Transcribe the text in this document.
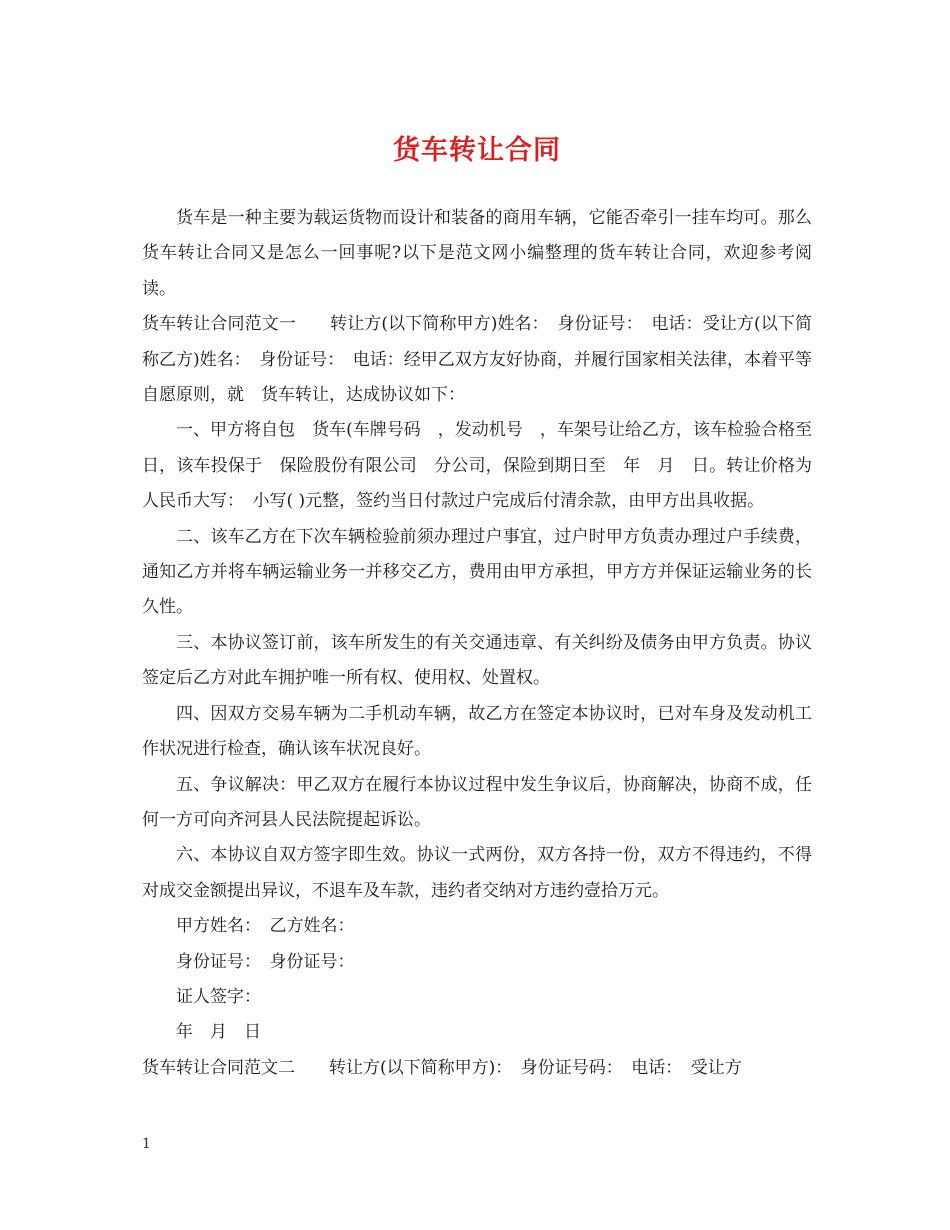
货车转让合同

货车是一种主要为载运货物而设计和装备的商用车辆，它能否牵引一挂车均可。那么货车转让合同又是怎么一回事呢?以下是范文网小编整理的货车转让合同，欢迎参考阅读。

货车转让合同范文一　　转让方(以下简称甲方)姓名：　身份证号：　电话：受让方(以下简称乙方)姓名：　身份证号：　电话：经甲乙双方友好协商，并履行国家相关法律，本着平等自愿原则，就　货车转让，达成协议如下：

一、甲方将自包　货车(车牌号码　，发动机号　，车架号让给乙方，该车检验合格至日，该车投保于　保险股份有限公司　分公司，保险到期日至　年　月　日。转让价格为人民币大写：　小写( )元整，签约当日付款过户完成后付清余款，由甲方出具收据。

二、该车乙方在下次车辆检验前须办理过户事宜，过户时甲方负责办理过户手续费，通知乙方并将车辆运输业务一并移交乙方，费用由甲方承担，甲方方并保证运输业务的长久性。

三、本协议签订前，该车所发生的有关交通违章、有关纠纷及债务由甲方负责。协议签定后乙方对此车拥护唯一所有权、使用权、处置权。

四、因双方交易车辆为二手机动车辆，故乙方在签定本协议时，已对车身及发动机工作状况进行检查，确认该车状况良好。

五、争议解决：甲乙双方在履行本协议过程中发生争议后，协商解决，协商不成，任何一方可向齐河县人民法院提起诉讼。

六、本协议自双方签字即生效。协议一式两份，双方各持一份，双方不得违约，不得对成交金额提出异议，不退车及车款，违约者交纳对方违约壹拾万元。

甲方姓名：　乙方姓名：

身份证号：　身份证号：

证人签字：

年　月　日

货车转让合同范文二　　转让方(以下简称甲方)：　身份证号码：　电话：　受让方

1
